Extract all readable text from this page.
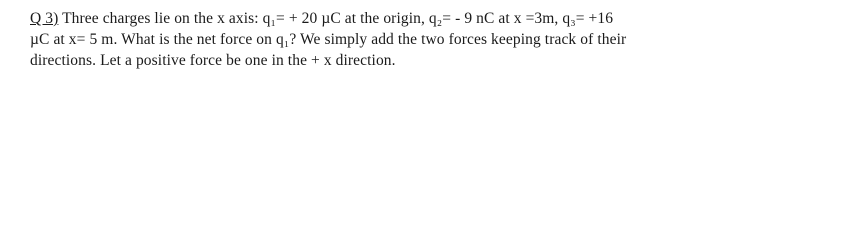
Q 3) Three charges lie on the x axis: q₁= + 20 µC at the origin, q₂= - 9 nC at x =3m, q₃= +16
µC at x= 5 m. What is the net force on q₁? We simply add the two forces keeping track of their
directions. Let a positive force be one in the + x direction.
